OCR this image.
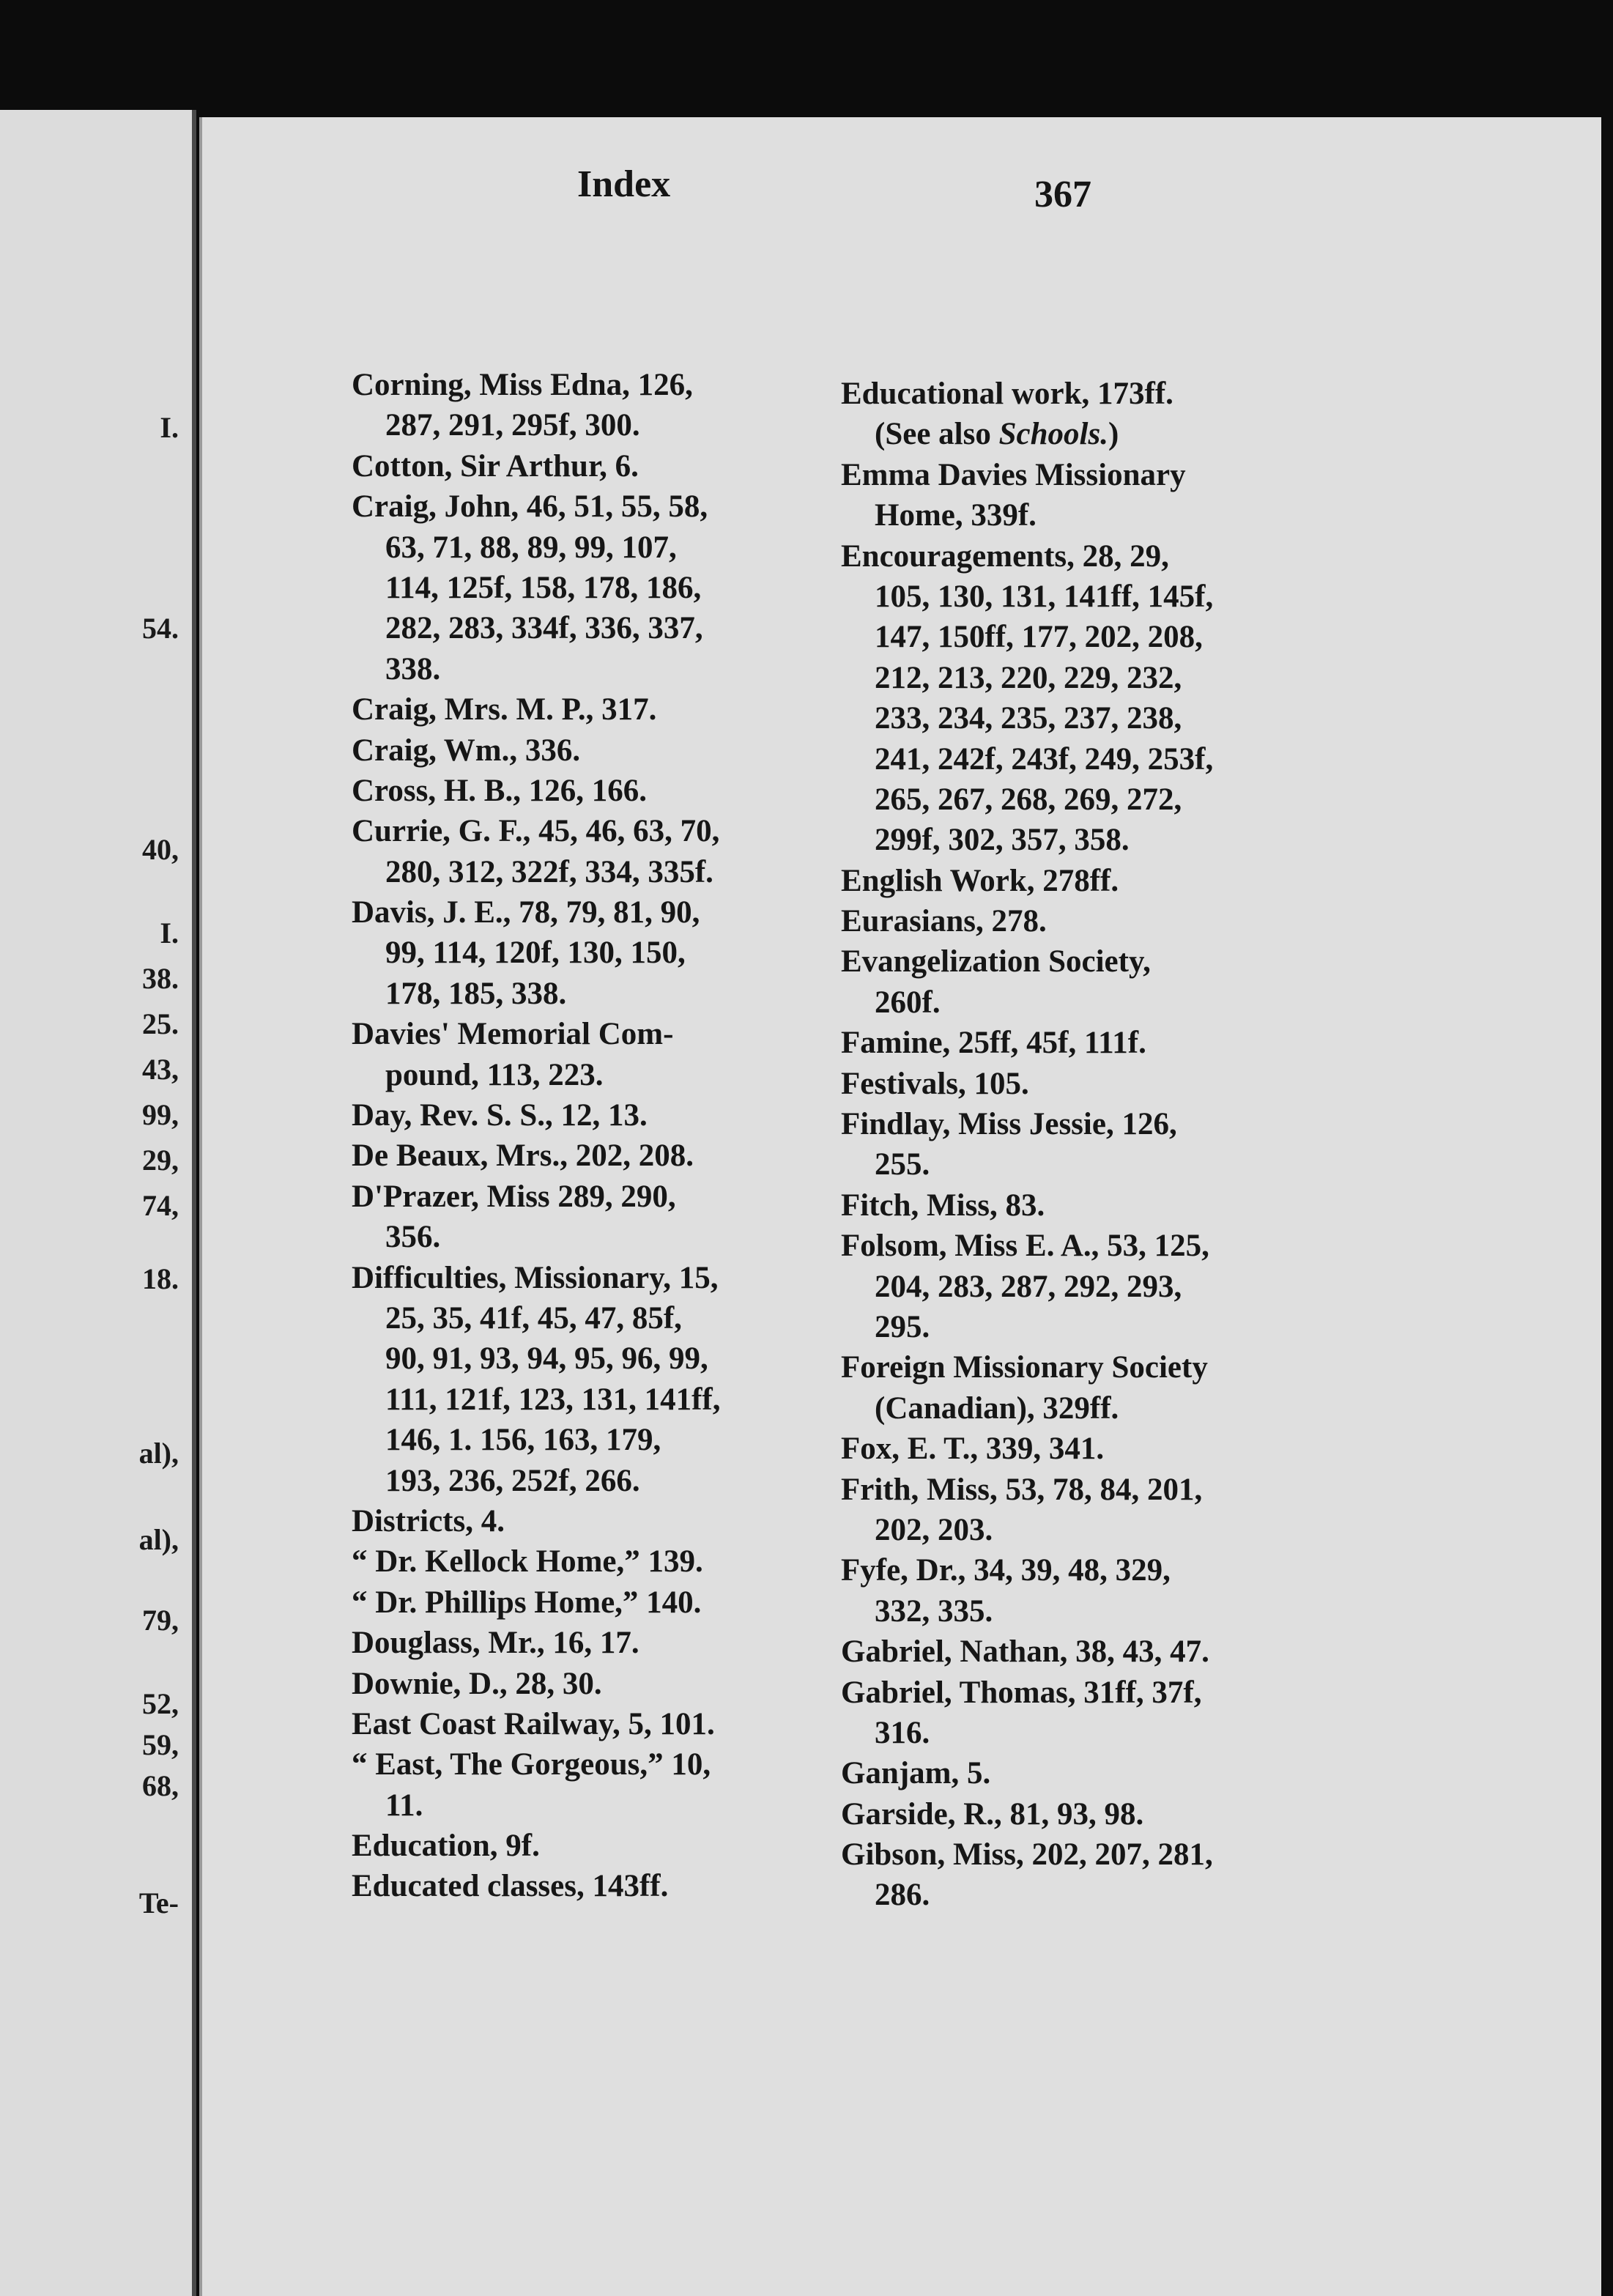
Index	367
I.
54.
40,
I.
38.
25.
43,
99,
29,
74,
18.
al),
al),
79,
52,
59,
68,
Te-
Corning, Miss Edna, 126,
287, 291, 295f, 300.
Cotton, Sir Arthur, 6.
Craig, John, 46, 51, 55, 58,
63, 71, 88, 89, 99, 107,
114, 125f, 158, 178, 186,
282, 283, 334f, 336, 337,
338.
Craig, Mrs. M. P., 317.
Craig, Wm., 336.
Cross, H. B., 126, 166.
Currie, G. F., 45, 46, 63, 70,
280, 312, 322f, 334, 335f.
Davis, J. E., 78, 79, 81, 90,
99, 114, 120f, 130, 150,
178, 185, 338.
Davies' Memorial Com-
pound, 113, 223.
Day, Rev. S. S., 12, 13.
De Beaux, Mrs., 202, 208.
D'Prazer, Miss 289, 290,
356.
Difficulties, Missionary, 15,
25, 35, 41f, 45, 47, 85f,
90, 91, 93, 94, 95, 96, 99,
111, 121f, 123, 131, 141ff,
146, 1. 156, 163, 179,
193, 236, 252f, 266.
Districts, 4.
“ Dr. Kellock Home,” 139.
“ Dr. Phillips Home,” 140.
Douglass, Mr., 16, 17.
Downie, D., 28, 30.
East Coast Railway, 5, 101.
“ East, The Gorgeous,” 10,
11.
Education, 9f.
Educated classes, 143ff.
Educational work, 173ff.
(See also Schools.)
Emma Davies Missionary
Home, 339f.
Encouragements, 28, 29,
105, 130, 131, 141ff, 145f,
147, 150ff, 177, 202, 208,
212, 213, 220, 229, 232,
233, 234, 235, 237, 238,
241, 242f, 243f, 249, 253f,
265, 267, 268, 269, 272,
299f, 302, 357, 358.
English Work, 278ff.
Eurasians, 278.
Evangelization Society,
260f.
Famine, 25ff, 45f, 111f.
Festivals, 105.
Findlay, Miss Jessie, 126,
255.
Fitch, Miss, 83.
Folsom, Miss E. A., 53, 125,
204, 283, 287, 292, 293,
295.
Foreign Missionary Society
(Canadian), 329ff.
Fox, E. T., 339, 341.
Frith, Miss, 53, 78, 84, 201,
202, 203.
Fyfe, Dr., 34, 39, 48, 329,
332, 335.
Gabriel, Nathan, 38, 43, 47.
Gabriel, Thomas, 31ff, 37f,
316.
Ganjam, 5.
Garside, R., 81, 93, 98.
Gibson, Miss, 202, 207, 281,
286.
